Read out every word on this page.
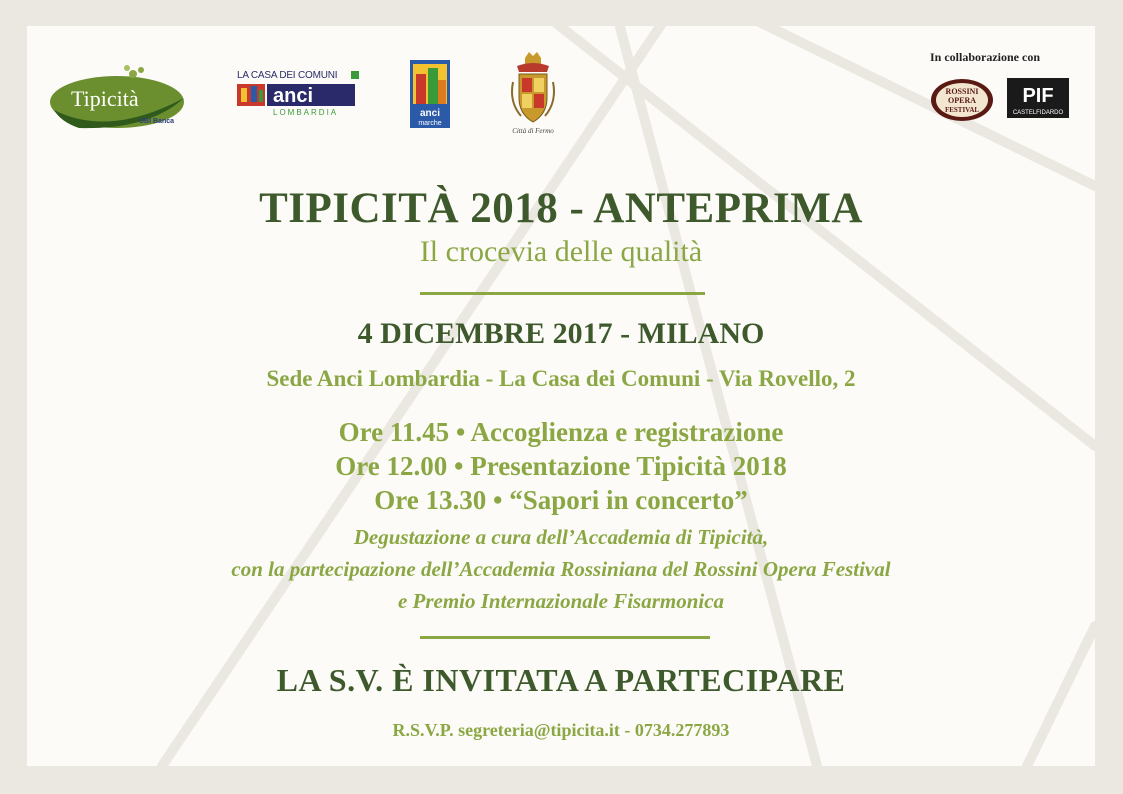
Tipicità
UBI Banca
LA CASA DEI COMUNI
anci
LOMBARDIA	anci
marche
Città di Fermo
In collaborazione con
ROSSINI
OPERA
FESTIVAL
PIF
CASTELFIDARDO
TIPICITÀ 2018 - ANTEPRIMA
Il crocevia delle qualità
4 DICEMBRE 2017 - MILANO
Sede Anci Lombardia - La Casa dei Comuni - Via Rovello, 2
Ore 11.45 • Accoglienza e registrazione
Ore 12.00 • Presentazione Tipicità 2018
Ore 13.30 • “Sapori in concerto”
Degustazione a cura dell’Accademia di Tipicità,
con la partecipazione dell’Accademia Rossiniana del Rossini Opera Festival
e Premio Internazionale Fisarmonica
LA S.V. È INVITATA A PARTECIPARE
R.S.V.P. segreteria@tipicita.it - 0734.277893
